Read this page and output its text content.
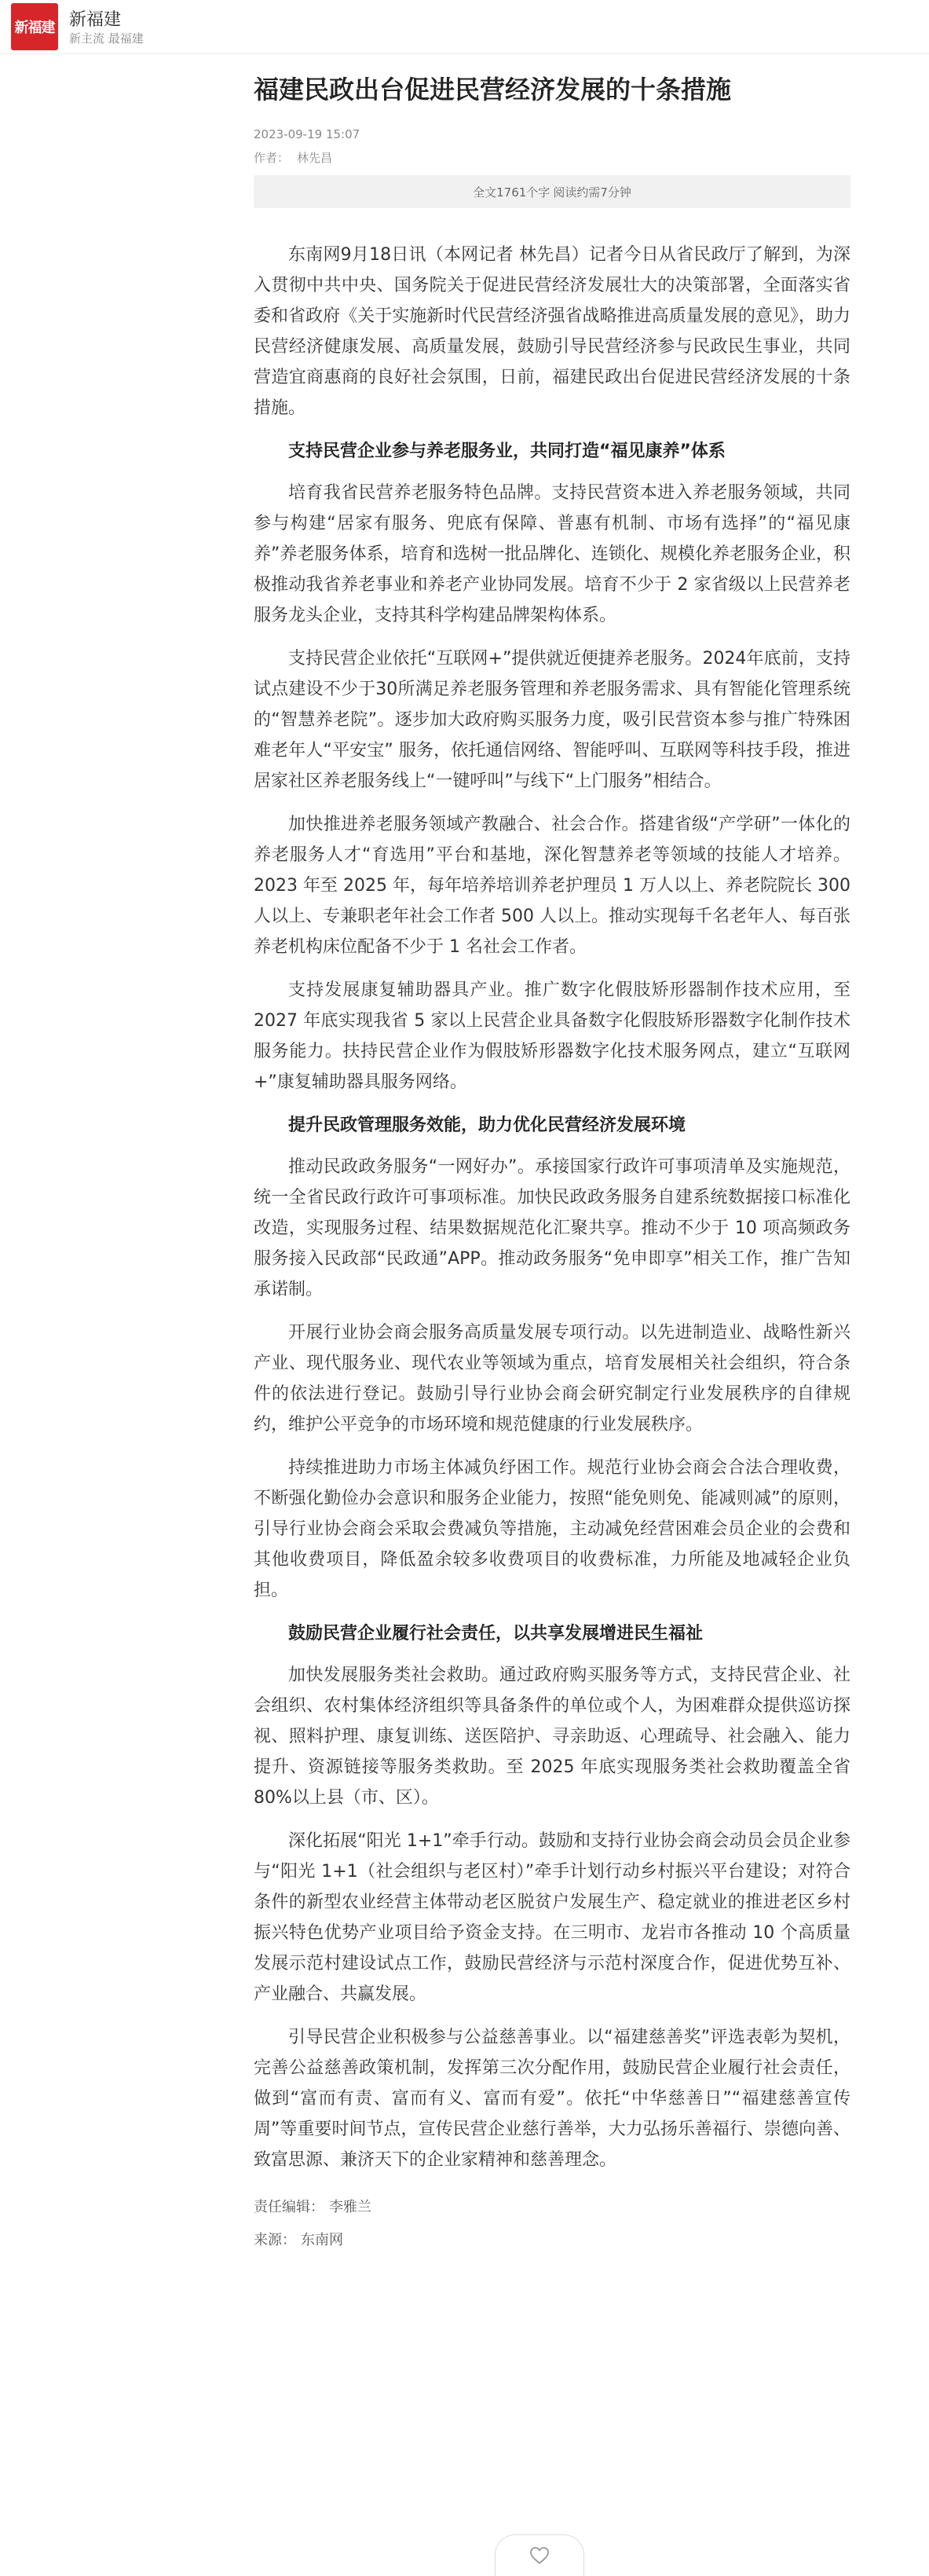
新福建 新福建
新主流 最福建
福建民政出台促进民营经济发展的十条措施
2023-09-19 15:07
作者： 林先昌
全文1761个字 阅读约需7分钟

东南网9月18日讯（本网记者 林先昌）记者今日从省民政厅了解到，为深入贯彻中共中央、国务院关于促进民营经济发展壮大的决策部署，全面落实省委和省政府《关于实施新时代民营经济强省战略推进高质量发展的意见》，助力民营经济健康发展、高质量发展，鼓励引导民营经济参与民政民生事业，共同营造宜商惠商的良好社会氛围，日前，福建民政出台促进民营经济发展的十条措施。

支持民营企业参与养老服务业，共同打造“福见康养”体系

培育我省民营养老服务特色品牌。支持民营资本进入养老服务领域，共同参与构建“居家有服务、兜底有保障、普惠有机制、市场有选择”的“福见康养”养老服务体系，培育和选树一批品牌化、连锁化、规模化养老服务企业，积极推动我省养老事业和养老产业协同发展。培育不少于 2 家省级以上民营养老服务龙头企业，支持其科学构建品牌架构体系。

支持民营企业依托“互联网+”提供就近便捷养老服务。2024年底前，支持试点建设不少于30所满足养老服务管理和养老服务需求、具有智能化管理系统的“智慧养老院”。逐步加大政府购买服务力度，吸引民营资本参与推广特殊困难老年人“平安宝” 服务，依托通信网络、智能呼叫、互联网等科技手段，推进居家社区养老服务线上“一键呼叫”与线下“上门服务”相结合。

加快推进养老服务领域产教融合、社会合作。搭建省级“产学研”一体化的养老服务人才“育选用”平台和基地，深化智慧养老等领域的技能人才培养。2023 年至 2025 年，每年培养培训养老护理员 1 万人以上、养老院院长 300 人以上、专兼职老年社会工作者 500 人以上。推动实现每千名老年人、每百张养老机构床位配备不少于 1 名社会工作者。

支持发展康复辅助器具产业。推广数字化假肢矫形器制作技术应用，至 2027 年底实现我省 5 家以上民营企业具备数字化假肢矫形器数字化制作技术服务能力。扶持民营企业作为假肢矫形器数字化技术服务网点，建立“互联网+”康复辅助器具服务网络。

提升民政管理服务效能，助力优化民营经济发展环境

推动民政政务服务“一网好办”。承接国家行政许可事项清单及实施规范，统一全省民政行政许可事项标准。加快民政政务服务自建系统数据接口标准化改造，实现服务过程、结果数据规范化汇聚共享。推动不少于 10 项高频政务服务接入民政部“民政通”APP。推动政务服务“免申即享”相关工作，推广告知承诺制。

开展行业协会商会服务高质量发展专项行动。以先进制造业、战略性新兴产业、现代服务业、现代农业等领域为重点，培育发展相关社会组织，符合条件的依法进行登记。鼓励引导行业协会商会研究制定行业发展秩序的自律规约，维护公平竞争的市场环境和规范健康的行业发展秩序。

持续推进助力市场主体减负纾困工作。规范行业协会商会合法合理收费，不断强化勤俭办会意识和服务企业能力，按照“能免则免、能减则减”的原则，引导行业协会商会采取会费减负等措施，主动减免经营困难会员企业的会费和其他收费项目，降低盈余较多收费项目的收费标准，力所能及地减轻企业负担。

鼓励民营企业履行社会责任，以共享发展增进民生福祉

加快发展服务类社会救助。通过政府购买服务等方式，支持民营企业、社会组织、农村集体经济组织等具备条件的单位或个人，为困难群众提供巡访探视、照料护理、康复训练、送医陪护、寻亲助返、心理疏导、社会融入、能力提升、资源链接等服务类救助。至 2025 年底实现服务类社会救助覆盖全省 80%以上县（市、区）。

深化拓展“阳光 1+1”牵手行动。鼓励和支持行业协会商会动员会员企业参与“阳光 1+1（社会组织与老区村）”牵手计划行动乡村振兴平台建设；对符合条件的新型农业经营主体带动老区脱贫户发展生产、稳定就业的推进老区乡村振兴特色优势产业项目给予资金支持。在三明市、龙岩市各推动 10 个高质量发展示范村建设试点工作，鼓励民营经济与示范村深度合作，促进优势互补、产业融合、共赢发展。

引导民营企业积极参与公益慈善事业。以“福建慈善奖”评选表彰为契机，完善公益慈善政策机制，发挥第三次分配作用，鼓励民营企业履行社会责任，做到“富而有责、富而有义、富而有爱”。依托“中华慈善日”“福建慈善宣传周”等重要时间节点，宣传民营企业慈行善举，大力弘扬乐善福行、崇德向善、致富思源、兼济天下的企业家精神和慈善理念。

责任编辑： 李雅兰
来源： 东南网
